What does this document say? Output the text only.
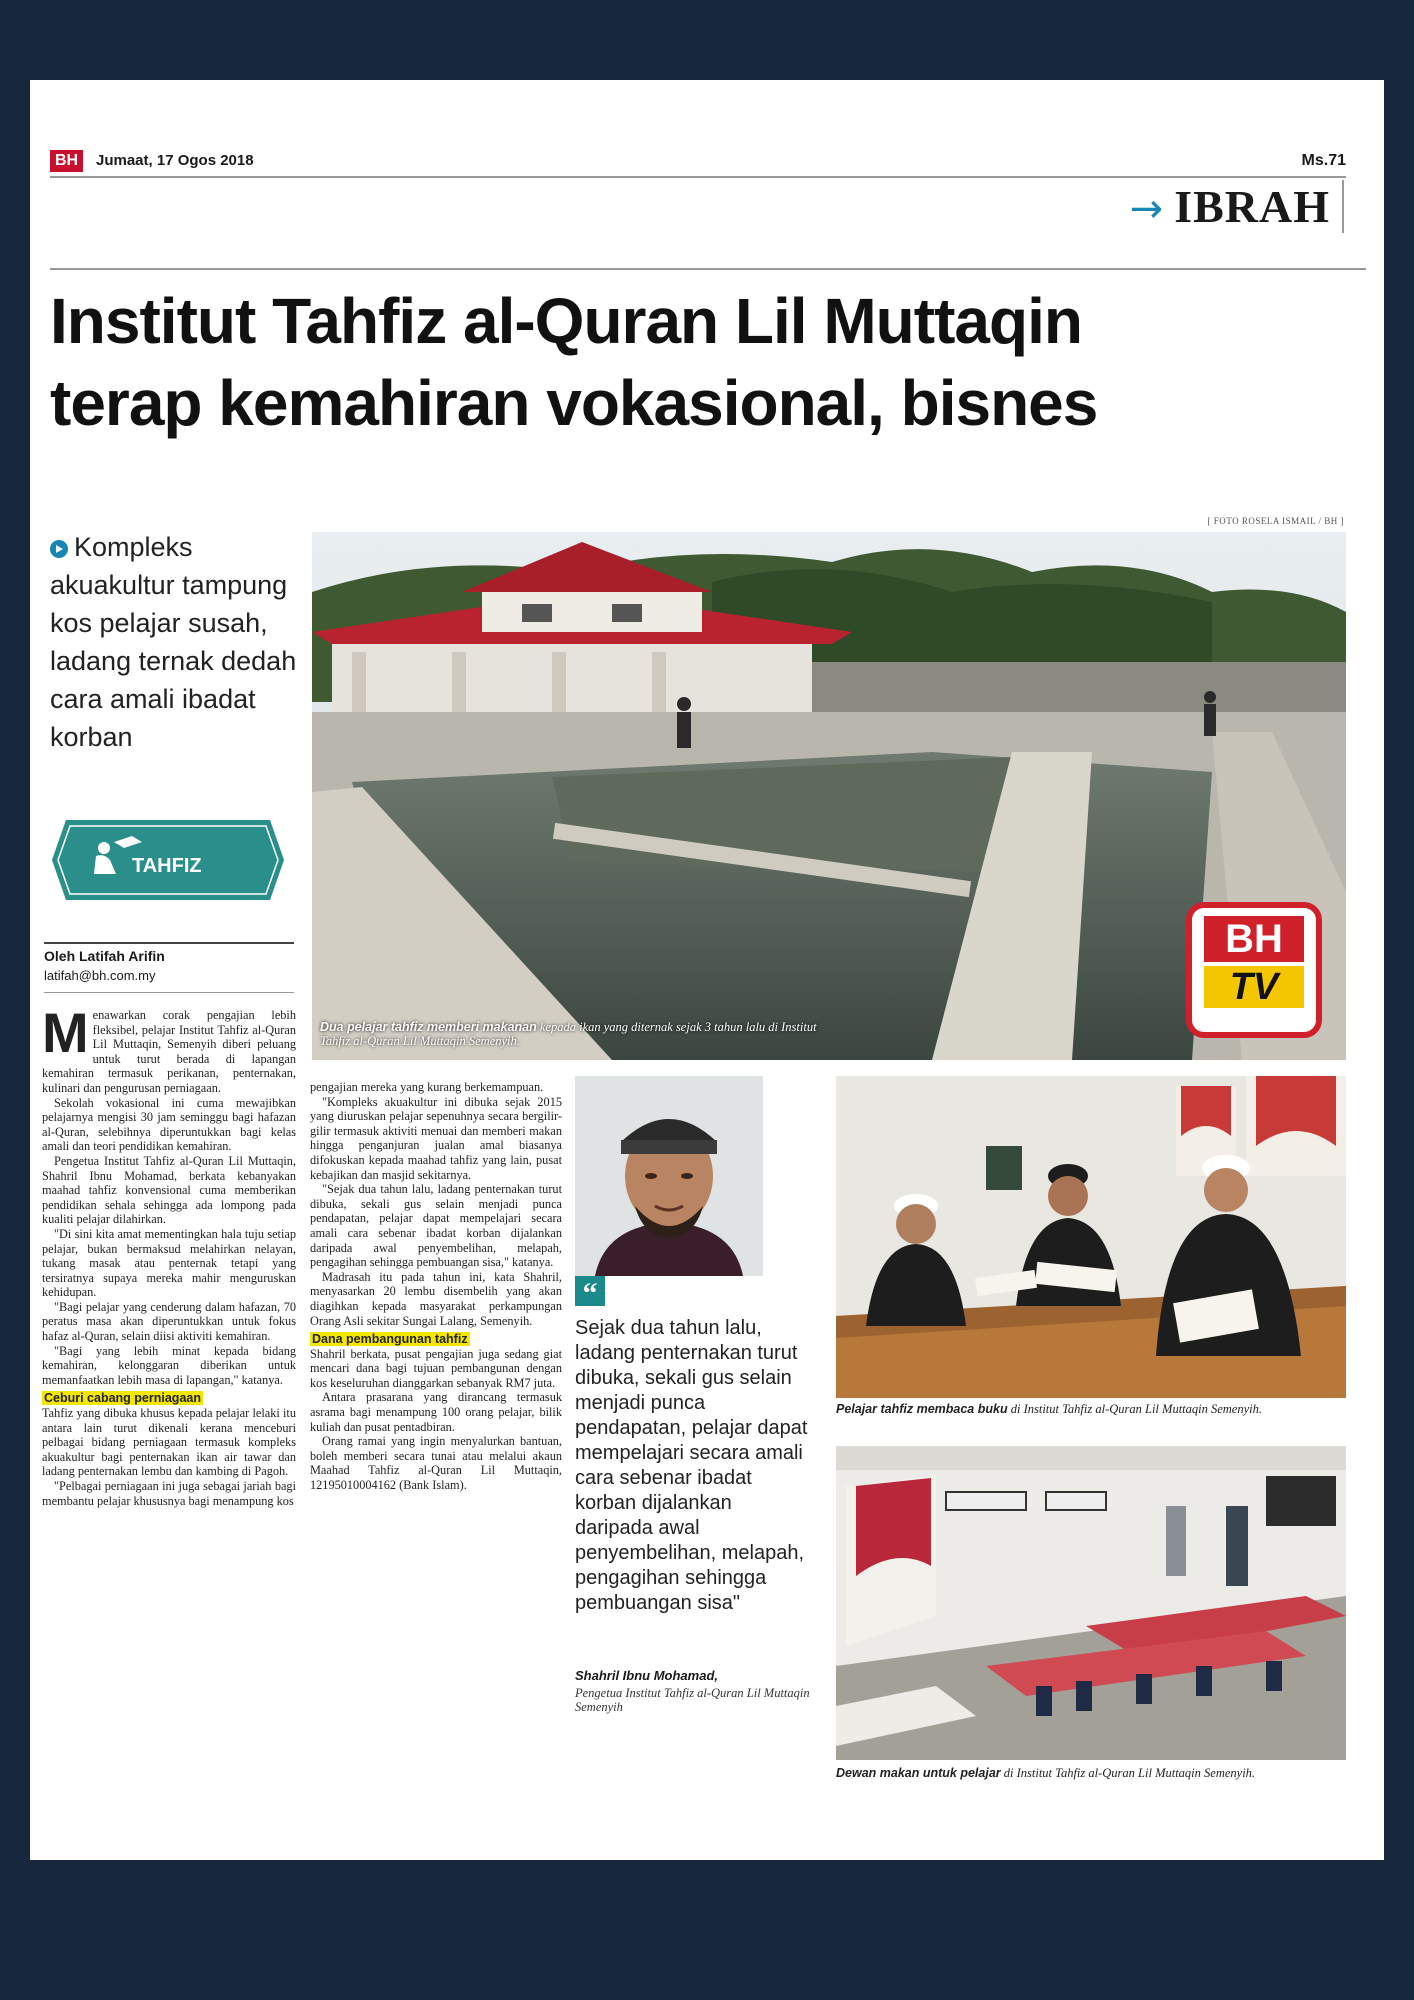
BH	Jumaat, 17 Ogos 2018	Ms.71
→ IBRAH
Institut Tahfiz al-Quran Lil Muttaqin
terap kemahiran vokasional, bisnes
Kompleks akuakultur tampung kos pelajar susah, ladang ternak dedah cara amali ibadat korban
TAHFIZ
Oleh Latifah Arifin
latifah@bh.com.my

Menawarkan corak pengajian lebih fleksibel, pelajar Institut Tahfiz al-Quran Lil Muttaqin, Semenyih diberi peluang untuk turut berada di lapangan kemahiran termasuk perikanan, penternakan, kulinari dan pengurusan perniagaan.

Sekolah vokasional ini cuma mewajibkan pelajarnya mengisi 30 jam seminggu bagi hafazan al-Quran, selebihnya diperuntukkan bagi kelas amali dan teori pendidikan kemahiran.

Pengetua Institut Tahfiz al-Quran Lil Muttaqin, Shahril Ibnu Mohamad, berkata kebanyakan maahad tahfiz konvensional cuma memberikan pendidikan sehala sehingga ada lompong pada kualiti pelajar dilahirkan.

"Di sini kita amat mementingkan hala tuju setiap pelajar, bukan bermaksud melahirkan nelayan, tukang masak atau penternak tetapi yang tersiratnya supaya mereka mahir menguruskan kehidupan.

"Bagi pelajar yang cenderung dalam hafazan, 70 peratus masa akan diperuntukkan untuk fokus hafaz al-Quran, selain diisi aktiviti kemahiran.

"Bagi yang lebih minat kepada bidang kemahiran, kelonggaran diberikan untuk memanfaatkan lebih masa di lapangan," katanya.

Ceburi cabang perniagaan

Tahfiz yang dibuka khusus kepada pelajar lelaki itu antara lain turut dikenali kerana menceburi pelbagai bidang perniagaan termasuk kompleks akuakultur bagi penternakan ikan air tawar dan ladang penternakan lembu dan kambing di Pagoh.

"Pelbagai perniagaan ini juga sebagai jariah bagi membantu pelajar khususnya bagi menampung kos

pengajian mereka yang kurang berkemampuan.

"Kompleks akuakultur ini dibuka sejak 2015 yang diuruskan pelajar sepenuhnya secara bergilir-gilir termasuk aktiviti menuai dan memberi makan hingga penganjuran jualan amal biasanya difokuskan kepada maahad tahfiz yang lain, pusat kebajikan dan masjid sekitarnya.

"Sejak dua tahun lalu, ladang penternakan turut dibuka, sekali gus selain menjadi punca pendapatan, pelajar dapat mempelajari secara amali cara sebenar ibadat korban dijalankan daripada awal penyembelihan, melapah, pengagihan sehingga pembuangan sisa," katanya.

Madrasah itu pada tahun ini, kata Shahril, menyasarkan 20 lembu disembelih yang akan diagihkan kepada masyarakat perkampungan Orang Asli sekitar Sungai Lalang, Semenyih.

Dana pembangunan tahfiz

Shahril berkata, pusat pengajian juga sedang giat mencari dana bagi tujuan pembangunan dengan kos keseluruhan dianggarkan sebanyak RM7 juta.

Antara prasarana yang dirancang termasuk asrama bagi menampung 100 orang pelajar, bilik kuliah dan pusat pentadbiran.

Orang ramai yang ingin menyalurkan bantuan, boleh memberi secara tunai atau melalui akaun Maahad Tahfiz al-Quran Lil Muttaqin, 12195010004162 (Bank Islam).

[ FOTO ROSELA ISMAIL / BH ]
Dua pelajar tahfiz memberi makanan kepada ikan yang diternak sejak 3 tahun lalu di Institut Tahfiz al-Quran Lil Muttaqin Semenyih.
BH
TV
“
Sejak dua tahun lalu, ladang penternakan turut dibuka, sekali gus selain menjadi punca pendapatan, pelajar dapat mempelajari secara amali cara sebenar ibadat korban dijalankan daripada awal penyembelihan, melapah, pengagihan sehingga pembuangan sisa"
Shahril Ibnu Mohamad,
Pengetua Institut Tahfiz al-Quran Lil Muttaqin Semenyih
Pelajar tahfiz membaca buku di Institut Tahfiz al-Quran Lil Muttaqin Semenyih.
Dewan makan untuk pelajar di Institut Tahfiz al-Quran Lil Muttaqin Semenyih.
